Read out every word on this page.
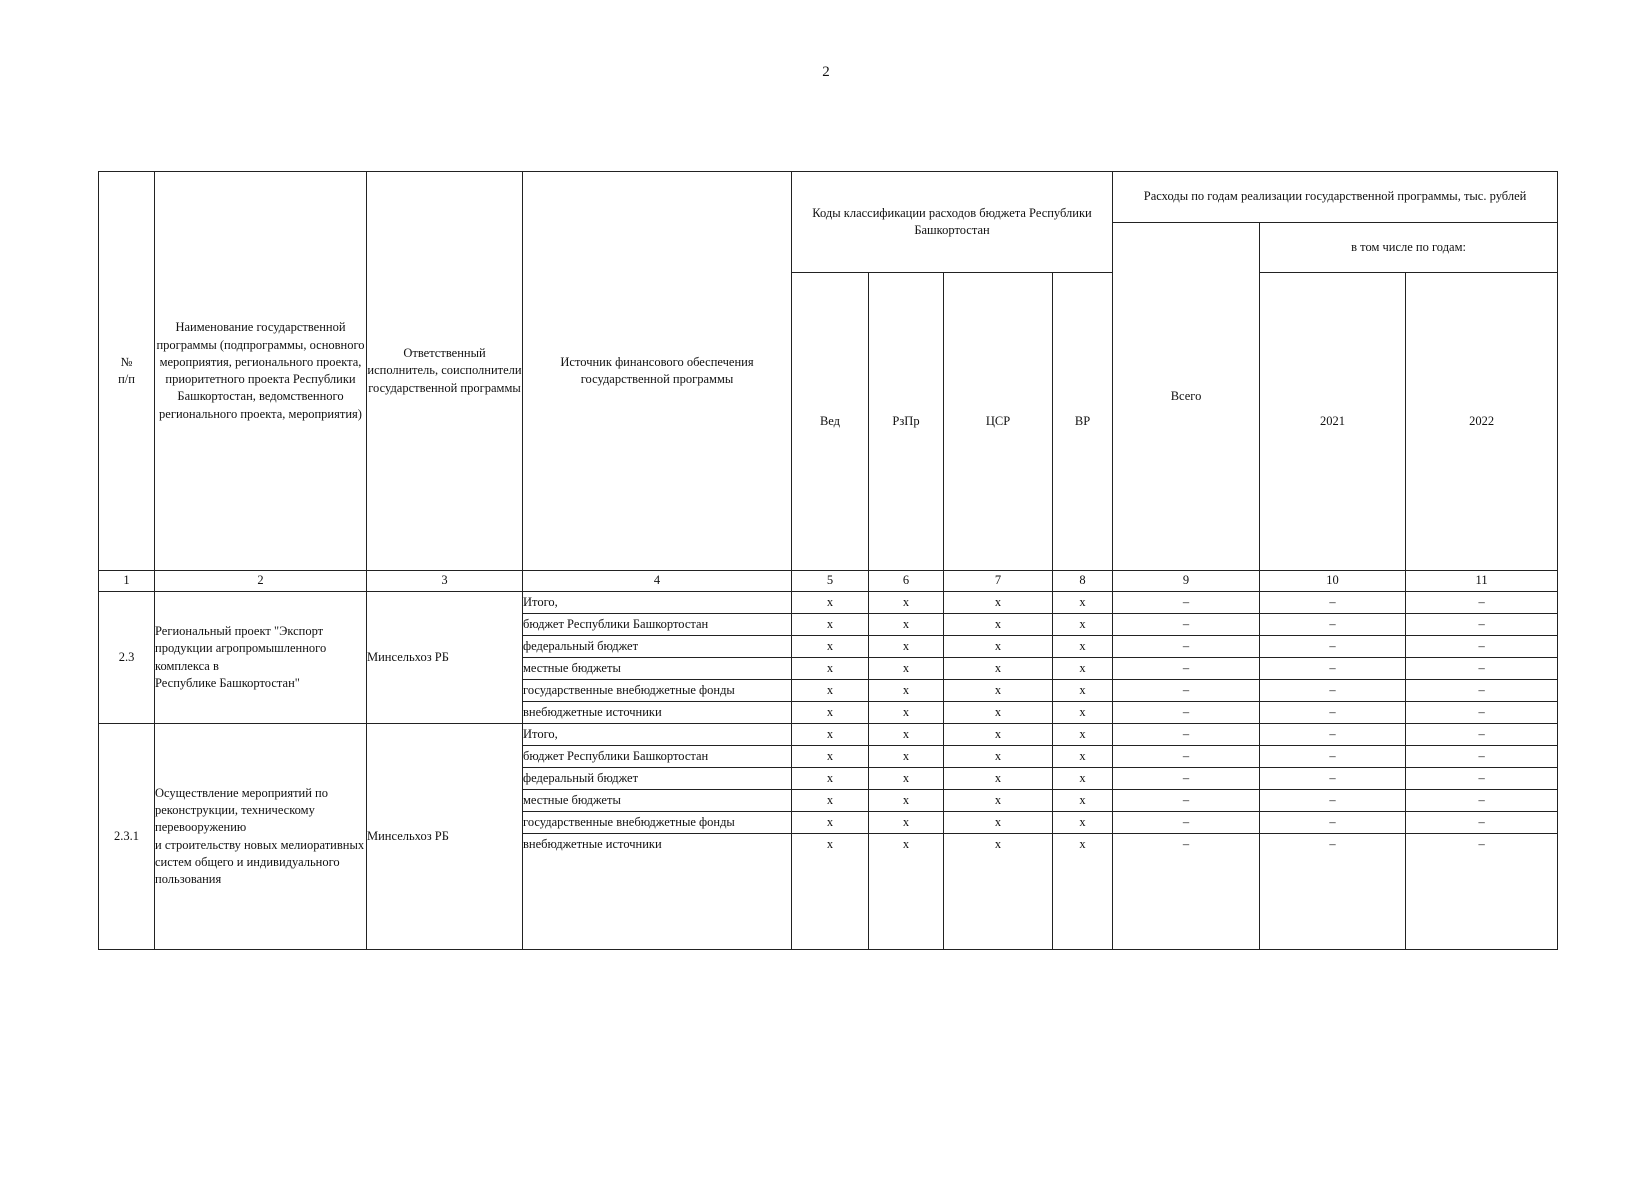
2
№
п/п	Наименование государственной программы (подпрограммы, основного мероприятия, регионального проекта, приоритетного проекта Республики Башкортостан, ведомственного регионального проекта, мероприятия)	Ответственный исполнитель, соисполнители государственной программы	Источник финансового обеспечения государственной программы	Коды классификации расходов бюджета Республики Башкортостан				Расходы по годам реализации государственной программы, тыс. рублей		
								Всего	в том числе по годам:	
				Вед	РзПр	ЦСР	ВР		2021	2022
1	2	3	4	5	6	7	8	9	10	11
2.3	Региональный проект "Экспорт продукции агропромышленного комплекса в
Республике Башкортостан"	Минсельхоз РБ	Итого,	х	х	х	х	–	–	–
			бюджет Республики Башкортостан	х	х	х	х	–	–	–
			федеральный бюджет	х	х	х	х	–	–	–
			местные бюджеты	х	х	х	х	–	–	–
			государственные внебюджетные фонды	х	х	х	х	–	–	–
			внебюджетные источники	х	х	х	х	–	–	–
2.3.1	Осуществление мероприятий по реконструкции, техническому перевооружению
и строительству новых мелиоративных систем общего и индивидуального пользования	Минсельхоз РБ	Итого,	х	х	х	х	–	–	–
			бюджет Республики Башкортостан	х	х	х	х	–	–	–
			федеральный бюджет	х	х	х	х	–	–	–
			местные бюджеты	х	х	х	х	–	–	–
			государственные внебюджетные фонды	х	х	х	х	–	–	–
			внебюджетные источники	х	х	х	х	–	–	–
